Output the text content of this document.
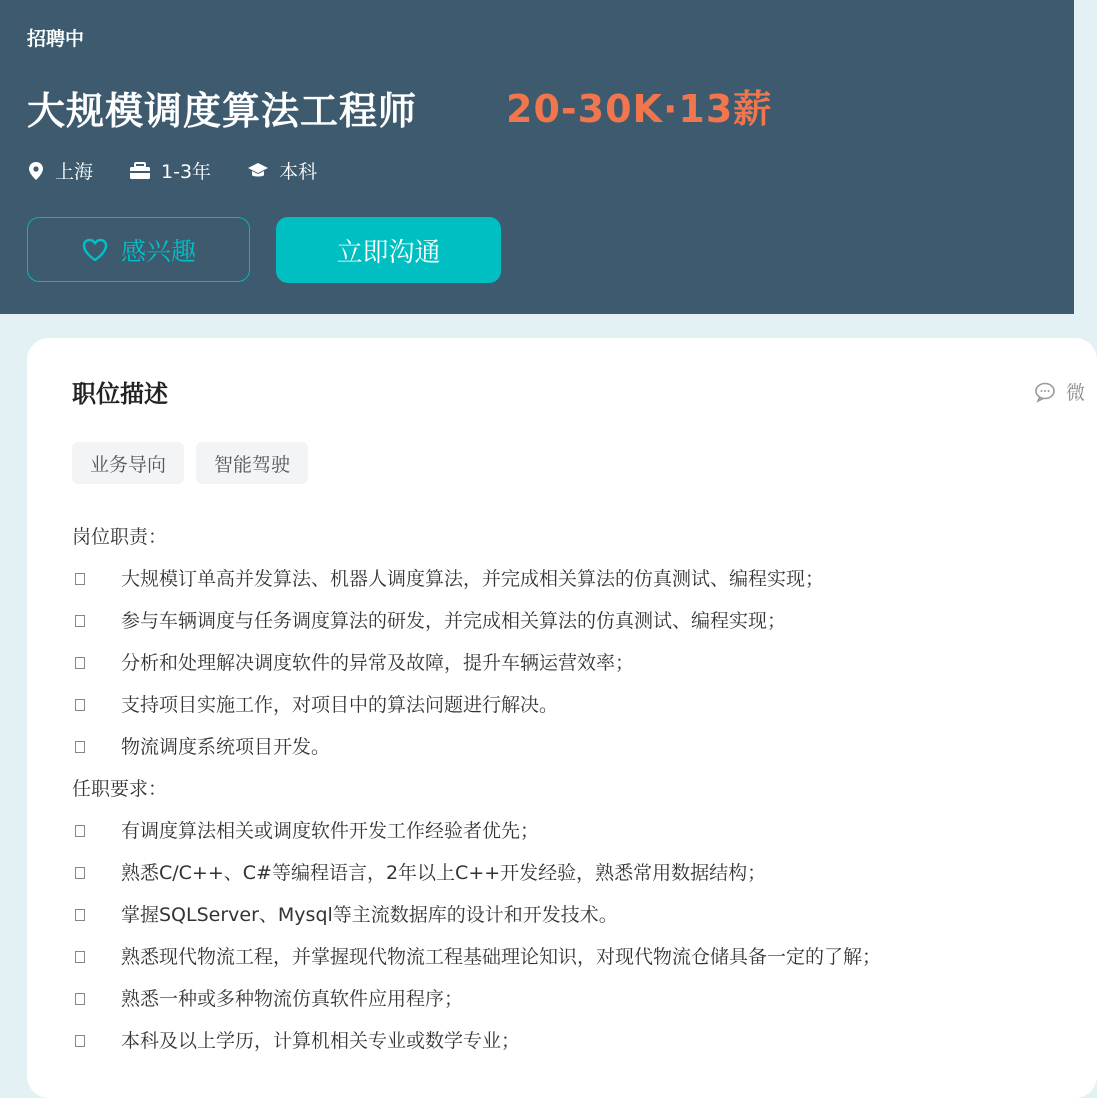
招聘中
大规模调度算法工程师 20-30K·13薪
上海	1-3年	本科
感兴趣	立即沟通
职位描述	微
业务导向	智能驾驶
岗位职责：
大规模订单高并发算法、机器人调度算法，并完成相关算法的仿真测试、编程实现；
参与车辆调度与任务调度算法的研发，并完成相关算法的仿真测试、编程实现；
分析和处理解决调度软件的异常及故障，提升车辆运营效率；
支持项目实施工作，对项目中的算法问题进行解决。
物流调度系统项目开发。
任职要求：
有调度算法相关或调度软件开发工作经验者优先；
熟悉C/C++、C#等编程语言，2年以上C++开发经验，熟悉常用数据结构；
掌握SQLServer、Mysql等主流数据库的设计和开发技术。
熟悉现代物流工程，并掌握现代物流工程基础理论知识，对现代物流仓储具备一定的了解；
熟悉一种或多种物流仿真软件应用程序；
本科及以上学历，计算机相关专业或数学专业；
